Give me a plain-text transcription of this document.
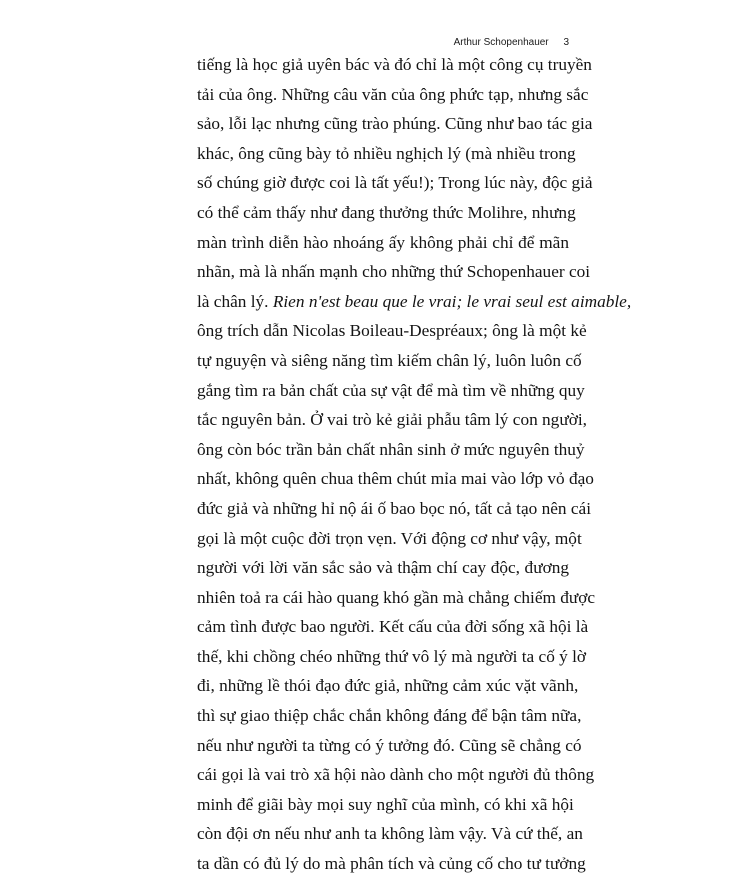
Arthur Schopenhauer 3
tiếng là học giả uyên bác và đó chỉ là một công cụ truyền
tải của ông. Những câu văn của ông phức tạp, nhưng sắc
sảo, lỗi lạc nhưng cũng trào phúng. Cũng như bao tác gia
khác, ông cũng bày tỏ nhiều nghịch lý (mà nhiều trong
số chúng giờ được coi là tất yếu!); Trong lúc này, độc giả
có thể cảm thấy như đang thưởng thức Molihre, nhưng
màn trình diễn hào nhoáng ấy không phải chỉ để mãn
nhãn, mà là nhấn mạnh cho những thứ Schopenhauer coi
là chân lý. Rien n'est beau que le vrai; le vrai seul est aimable,
ông trích dẫn Nicolas Boileau-Despréaux; ông là một kẻ
tự nguyện và siêng năng tìm kiếm chân lý, luôn luôn cố
gắng tìm ra bản chất của sự vật để mà tìm về những quy
tắc nguyên bản. Ở vai trò kẻ giải phẫu tâm lý con người,
ông còn bóc trần bản chất nhân sinh ở mức nguyên thuỷ
nhất, không quên chua thêm chút mỉa mai vào lớp vỏ đạo
đức giả và những hỉ nộ ái ố bao bọc nó, tất cả tạo nên cái
gọi là một cuộc đời trọn vẹn. Với động cơ như vậy, một
người với lời văn sắc sảo và thậm chí cay độc, đương
nhiên toả ra cái hào quang khó gần mà chẳng chiếm được
cảm tình được bao người. Kết cấu của đời sống xã hội là
thế, khi chồng chéo những thứ vô lý mà người ta cố ý lờ
đi, những lề thói đạo đức giả, những cảm xúc vặt vãnh,
thì sự giao thiệp chắc chắn không đáng để bận tâm nữa,
nếu như người ta từng có ý tưởng đó. Cũng sẽ chẳng có
cái gọi là vai trò xã hội nào dành cho một người đủ thông
minh để giãi bày mọi suy nghĩ của mình, có khi xã hội
còn đội ơn nếu như anh ta không làm vậy. Và cứ thế, an
ta dần có đủ lý do mà phân tích và củng cố cho tư tưởng
